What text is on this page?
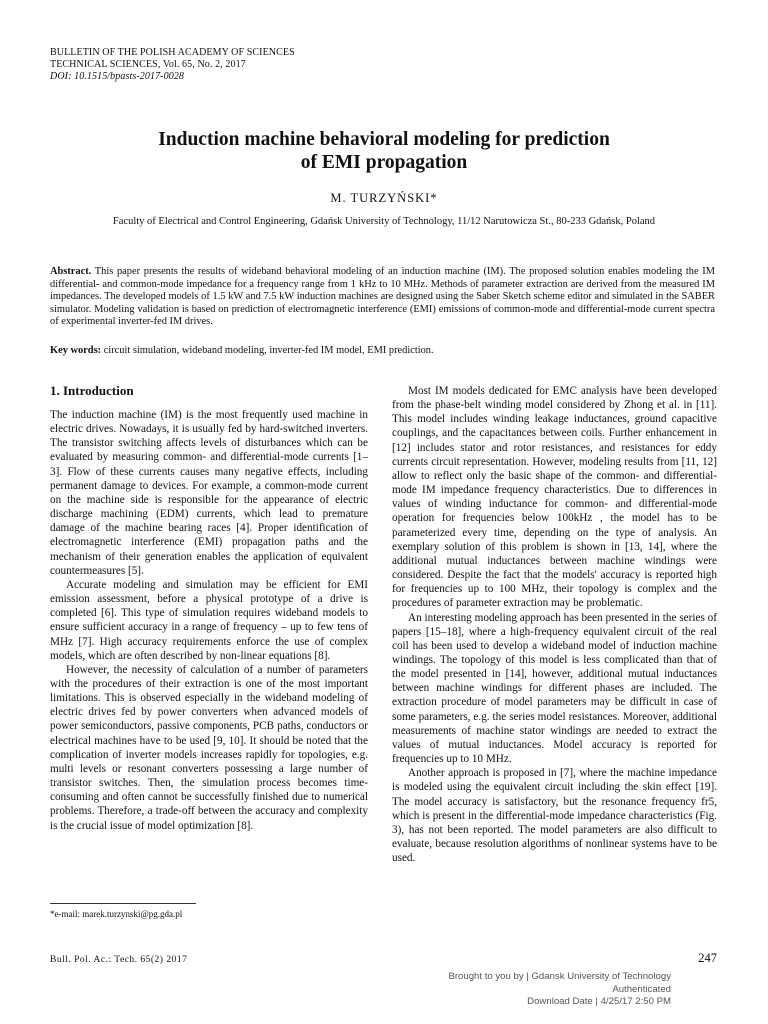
BULLETIN OF THE POLISH ACADEMY OF SCIENCES
TECHNICAL SCIENCES, Vol. 65, No. 2, 2017
DOI: 10.1515/bpasts-2017-0028
Induction machine behavioral modeling for prediction
of EMI propagation
M. TURZYŃSKI*
Faculty of Electrical and Control Engineering, Gdańsk University of Technology, 11/12 Narutowicza St., 80-233 Gdańsk, Poland
Abstract. This paper presents the results of wideband behavioral modeling of an induction machine (IM). The proposed solution enables modeling the IM differential- and common-mode impedance for a frequency range from 1 kHz to 10 MHz. Methods of parameter extraction are derived from the measured IM impedances. The developed models of 1.5 kW and 7.5 kW induction machines are designed using the Saber Sketch scheme editor and simulated in the SABER simulator. Modeling validation is based on prediction of electromagnetic interference (EMI) emissions of common-mode and differential-mode current spectra of experimental inverter-fed IM drives.
Key words: circuit simulation, wideband modeling, inverter-fed IM model, EMI prediction.
1. Introduction

The induction machine (IM) is the most frequently used machine in electric drives. Nowadays, it is usually fed by hard-switched inverters. The transistor switching affects levels of disturbances which can be evaluated by measuring common- and differential-mode currents [1–3]. Flow of these currents causes many negative effects, including permanent damage to devices. For example, a common-mode current on the machine side is responsible for the appearance of electric discharge machining (EDM) currents, which lead to premature damage of the machine bearing races [4]. Proper identification of electromagnetic interference (EMI) propagation paths and the mechanism of their generation enables the application of equivalent countermeasures [5].

Accurate modeling and simulation may be efficient for EMI emission assessment, before a physical prototype of a drive is completed [6]. This type of simulation requires wideband models to ensure sufficient accuracy in a range of frequency – up to few tens of MHz [7]. High accuracy requirements enforce the use of complex models, which are often described by non-linear equations [8].

However, the necessity of calculation of a number of parameters with the procedures of their extraction is one of the most important limitations. This is observed especially in the wideband modeling of electric drives fed by power converters when advanced models of power semiconductors, passive components, PCB paths, conductors or electrical machines have to be used [9, 10]. It should be noted that the complication of inverter models increases rapidly for topologies, e.g. multi levels or resonant converters possessing a large number of transistor switches. Then, the simulation process becomes time-consuming and often cannot be successfully finished due to numerical problems. Therefore, a trade-off between the accuracy and complexity is the crucial issue of model optimization [8].

Most IM models dedicated for EMC analysis have been developed from the phase-belt winding model considered by Zhong et al. in [11]. This model includes winding leakage inductances, ground capacitive couplings, and the capacitances between coils. Further enhancement in [12] includes stator and rotor resistances, and resistances for eddy currents circuit representation. However, modeling results from [11, 12] allow to reflect only the basic shape of the common- and differential-mode IM impedance frequency characteristics. Due to differences in values of winding inductance for common- and differential-mode operation for frequencies below 100kHz , the model has to be parameterized every time, depending on the type of analysis. An exemplary solution of this problem is shown in [13, 14], where the additional mutual inductances between machine windings were considered. Despite the fact that the models' accuracy is reported high for frequencies up to 100 MHz, their topology is complex and the procedures of parameter extraction may be problematic.

An interesting modeling approach has been presented in the series of papers [15–18], where a high-frequency equivalent circuit of the real coil has been used to develop a wideband model of induction machine windings. The topology of this model is less complicated than that of the model presented in [14], however, additional mutual inductances between machine windings for different phases are included. The extraction procedure of model parameters may be difficult in case of some parameters, e.g. the series model resistances. Moreover, additional measurements of machine stator windings are needed to extract the values of mutual inductances. Model accuracy is reported for frequencies up to 10 MHz.

Another approach is proposed in [7], where the machine impedance is modeled using the equivalent circuit including the skin effect [19]. The model accuracy is satisfactory, but the resonance frequency fr5, which is present in the differential-mode impedance characteristics (Fig. 3), has not been reported. The model parameters are also difficult to evaluate, because resolution algorithms of nonlinear systems have to be used.

*e-mail: marek.turzynski@pg.gda.pl
Bull. Pol. Ac.: Tech. 65(2) 2017	247
Brought to you by | Gdansk University of Technology
Authenticated
Download Date | 4/25/17 2:50 PM
